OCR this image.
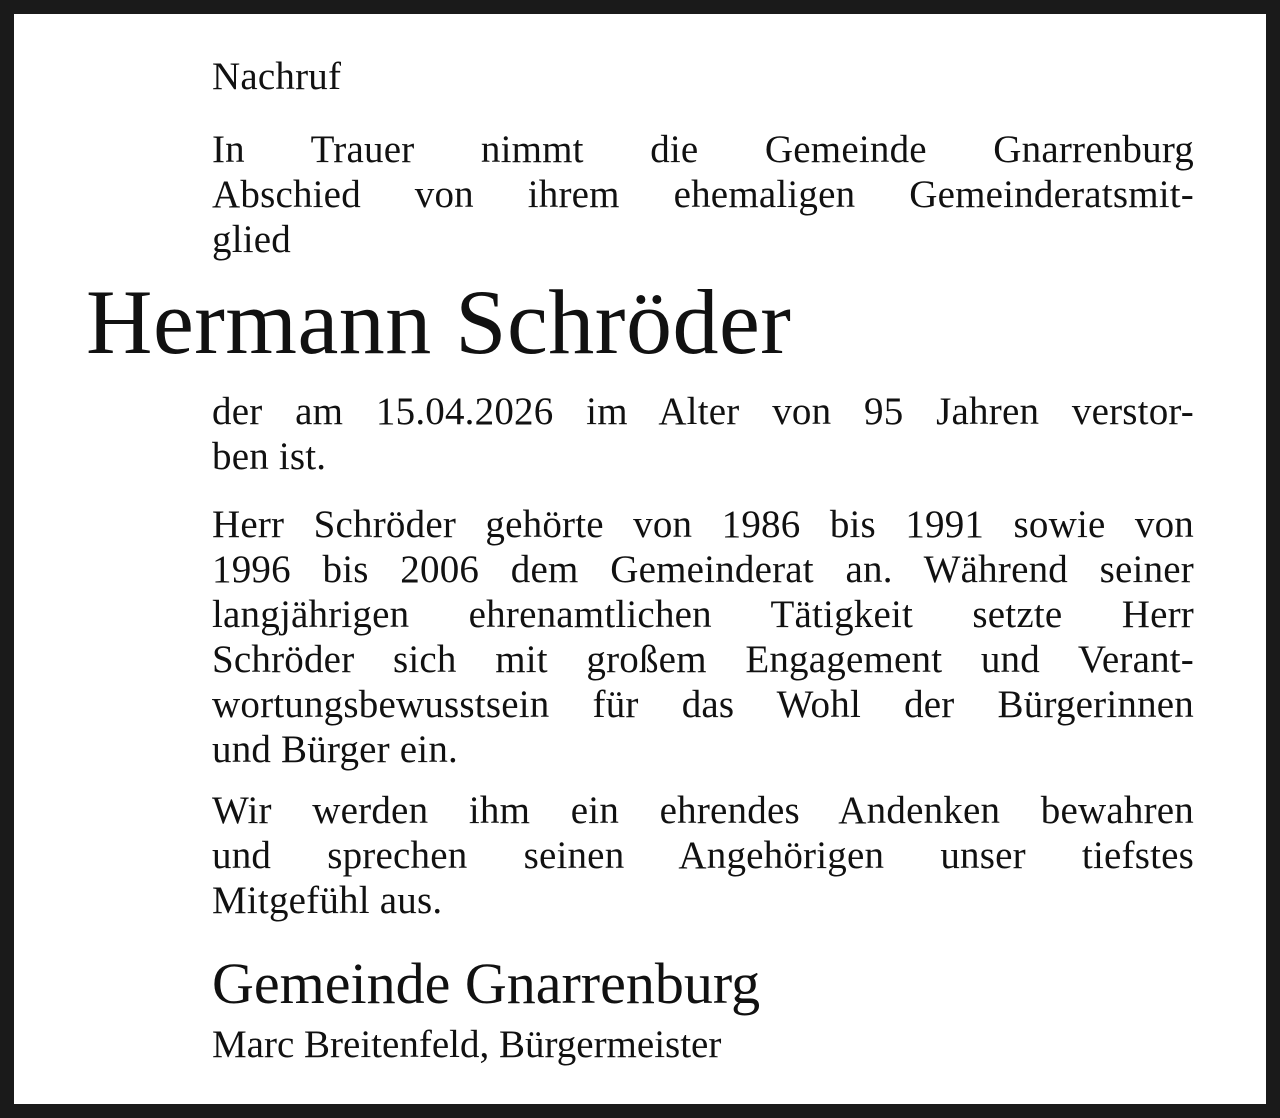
Nachruf
In Trauer nimmt die Gemeinde Gnarrenburg
Abschied von ihrem ehemaligen Gemeinderatsmit-
glied
Hermann Schröder
der am 15.04.2026 im Alter von 95 Jahren verstor-
ben ist.
Herr Schröder gehörte von 1986 bis 1991 sowie von
1996 bis 2006 dem Gemeinderat an. Während seiner
langjährigen ehrenamtlichen Tätigkeit setzte Herr
Schröder sich mit großem Engagement und Verant-
wortungsbewusstsein für das Wohl der Bürgerinnen
und Bürger ein.
Wir werden ihm ein ehrendes Andenken bewahren
und sprechen seinen Angehörigen unser tiefstes
Mitgefühl aus.
Gemeinde Gnarrenburg
Marc Breitenfeld, Bürgermeister
